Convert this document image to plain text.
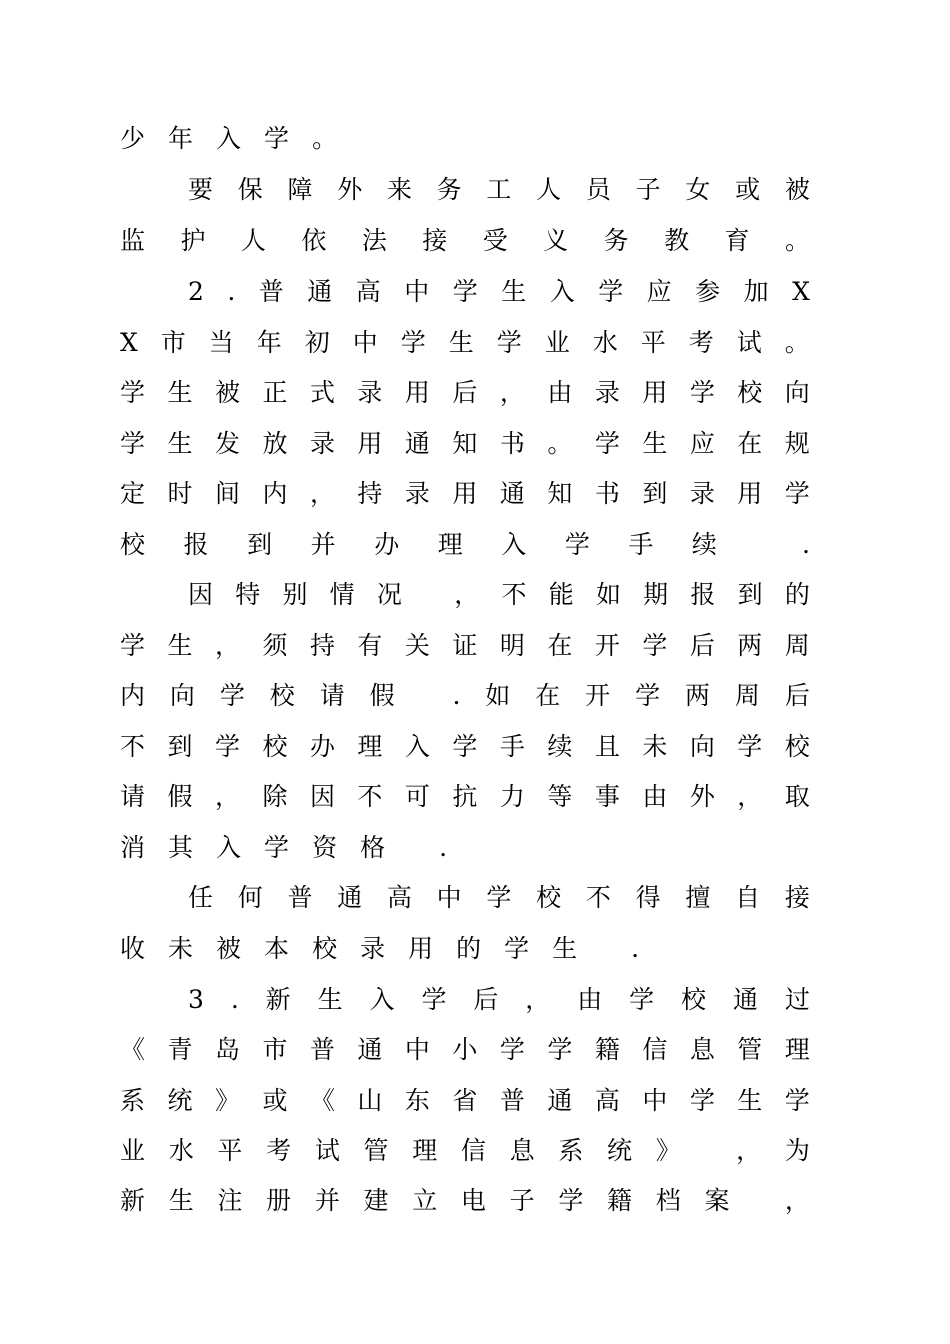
少 年 入 学 。
要 保 障 外 来 务 工 人 员 子 女 或 被
监 护 人 依 法 接 受 义 务 教 育 。
2 . 普 通 高 中 学 生 入 学 应 参 加 X
X 市 当 年 初 中 学 生 学 业 水 平 考 试 。
学 生 被 正 式 录 用 后 ， 由 录 用 学 校 向
学 生 发 放 录 用 通 知 书 。 学 生 应 在 规
定 时 间 内 ， 持 录 用 通 知 书 到 录 用 学
校 报 到 并 办 理 入 学 手 续	.
因 特 别 情 况 ， 不 能 如 期 报 到 的
学 生 ， 须 持 有 关 证 明 在 开 学 后 两 周
内 向 学 校 请 假 . 如 在 开 学 两 周 后
不 到 学 校 办 理 入 学 手 续 且 未 向 学 校
请 假 ， 除 因 不 可 抗 力 等 事 由 外 ， 取
消 其 入 学 资 格 .
任 何 普 通 高 中 学 校 不 得 擅 自 接
收 未 被 本 校 录 用 的 学 生 .
3 . 新 生 入 学 后 ， 由 学 校 通 过
《 青 岛 市 普 通 中 小 学 学 籍 信 息 管 理
系 统 》 或 《 山 东 省 普 通 高 中 学 生 学
业 水 平 考 试 管 理 信 息 系 统 》 ， 为
新 生 注 册 并 建 立 电 子 学 籍 档 案 ，
